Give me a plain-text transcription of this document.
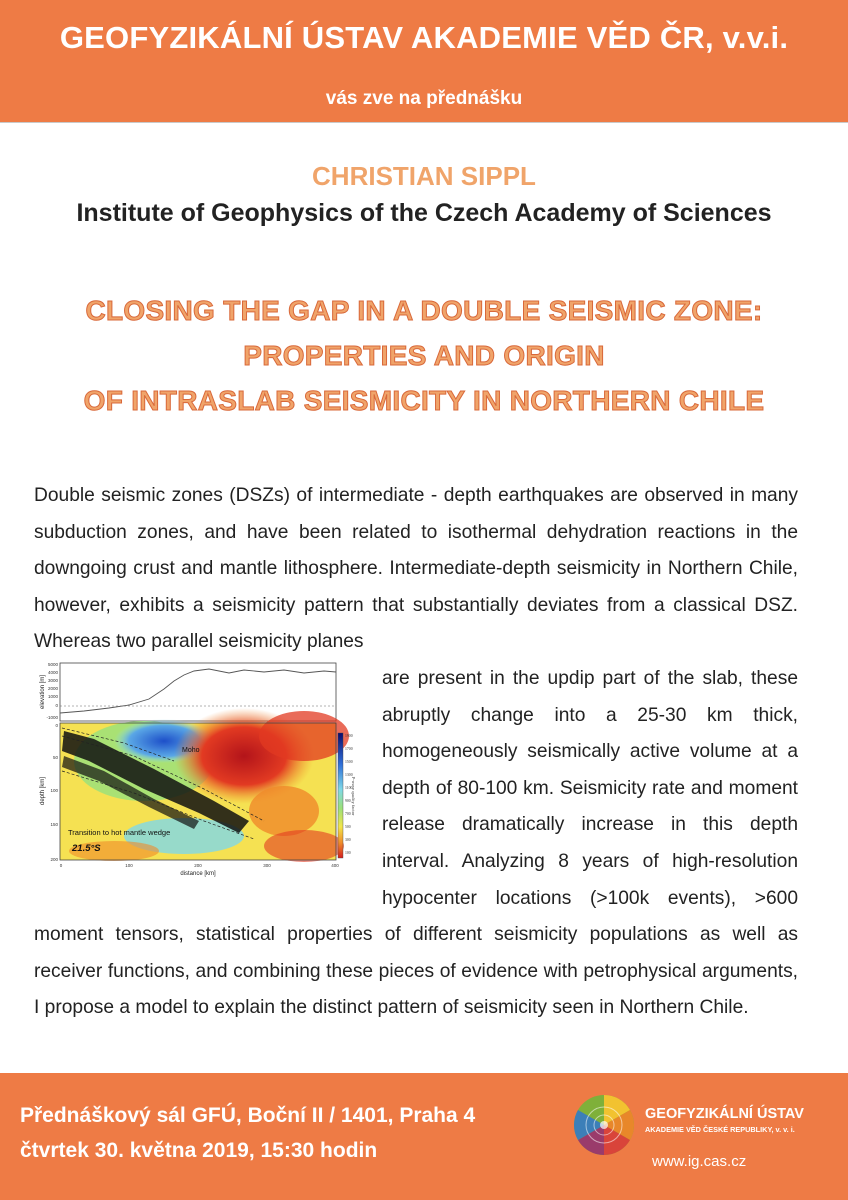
GEOFYZIKÁLNÍ ÚSTAV AKADEMIE VĚD ČR, v.v.i.
vás zve na přednášku
CHRISTIAN SIPPL
Institute of Geophysics of the Czech Academy of Sciences
CLOSING THE GAP IN A DOUBLE SEISMIC ZONE:
PROPERTIES AND ORIGIN
OF INTRASLAB SEISMICITY IN NORTHERN CHILE

Double seismic zones (DSZs) of intermediate - depth earthquakes are observed in many subduction zones, and have been related to isothermal dehydration reactions in the downgoing crust and mantle lithosphere. Intermediate-depth seismicity in Northern Chile, however, exhibits a seismicity pattern that substantially deviates from a classical DSZ. Whereas two parallel seismicity planes

5000
4000
3000
2000
1000
0
-1000
elevation [m]
Moho
Transition to hot mantle wedge
21.5°S
0
50
100
150
200
depth [km]
0	100	200	300	400
distance [km]
1900
1700
1500
1300
1100
900
700
500
300
100
P-wave quality factor
are present in the updip part of the slab, these abruptly change into a 25-30 km thick, homogeneously seismically active volume at a depth of 80-100 km. Seismicity rate and moment release dramatically increase in this depth interval. Analyzing 8 years of high-resolution hypocenter locations (>100k events), >600 moment tensors, statistical properties of different seismicity populations as well as receiver functions, and combining these pieces of evidence with petrophysical arguments, I propose a model to explain the distinct pattern of seismicity seen in Northern Chile.

Přednáškový sál GFÚ, Boční II / 1401, Praha 4
čtvrtek 30. května 2019, 15:30 hodin
GEOFYZIKÁLNÍ ÚSTAV
AKADEMIE VĚD ČESKÉ REPUBLIKY, v. v. i.
www.ig.cas.cz
